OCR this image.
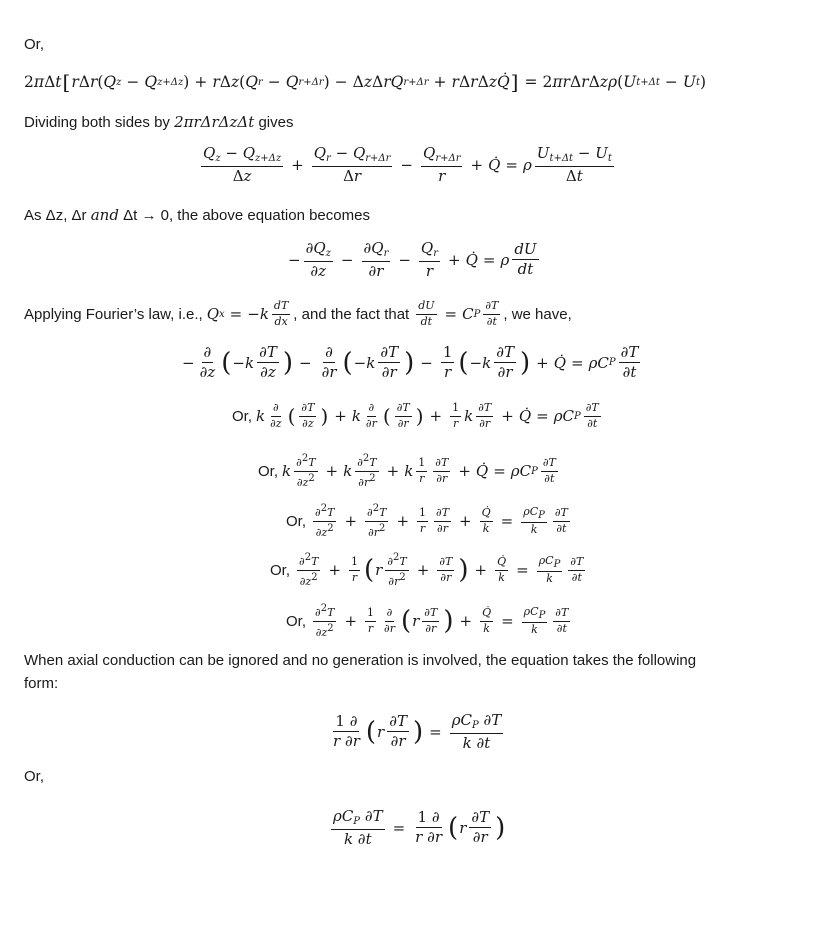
Or,
2 π Δ t [ r Δ r ( Q z − Q z+Δz ) + r Δ z ( Q r − Q r+Δr ) − Δ z Δ rQ r+Δr + r Δ r Δ z Q̇ ] = 2 πr Δ r Δ zρ ( U t+Δt − U t )
Dividing both sides by 2πrΔrΔzΔt gives
$Q_z - Q_{z+\Delta z}$
Δz
+ $\frac{Q_r - Q_{r+\Delta r}}{\Delta r} - \frac{Q_{r+\Delta r}}{r}$ + Q̇ = ρ
$U_{t+\Delta t} - U_t$
Δt
As Δz, Δr and Δt → 0, the above equation becomes
− $\frac{\partial Q_z}{\partial z} - \frac{\partial Q_r}{\partial r} - \frac{Q_r}{r}$ + Q̇ = ρ
dU
dt
Applying Fourier’s law, i.e., Q x = − k dT
dx , and the fact that $\frac{dU}{dt} = C$ P
∂T
∂t , we have,
−
∂
∂z ( − k
∂T
∂z ) −
∂
∂r ( − k
∂T
∂r ) − $\frac{1}{r}$ ( − k
∂T
∂r ) + Q̇ = ρC P
∂T
∂t
Or, k ∂
∂z ( ∂T
∂z ) + k ∂
∂r ( ∂T
∂r ) + $\frac{1}{r}$ k ∂T
∂r + Q̇ = ρC P
∂T
∂t
Or, k ∂2T
∂z2 + k ∂2T
∂r2 + k 1
r
∂T
∂r + Q̇ = ρC P
∂T
∂t
Or,
∂2T
$\partial z2 + \frac{\partial 2T}{\partial r2} + \frac{1}{r} \partial T$
$\partial r + \frac{Q̇}{k}$ =
ρCP
k
∂T
∂t
Or,
∂2T
$\partial z2 + \frac{1}{r}$ ( r ∂2T
$\partial r2 + \frac{\partial T}{\partial r}$ ) + $\frac{Q̇}{k}$ =
ρCP
k
∂T
∂t
Or,
∂2T
$\partial z2 + \frac{1}{r}$ ∂
∂r ( r ∂T
∂r ) + $\frac{Q̇}{k}$ =
ρCP
k
∂T
∂t
When axial conduction can be ignored and no generation is involved, the equation takes the following
form:
1 ∂
r ∂r ( r
∂T
∂r ) =
$\rho C_P$ ∂T
k ∂t
Or,
$\rho C_P$ ∂T
k ∂t
= $\frac{1 \partial}{r \partial r}$ ( r
∂T
∂r )
